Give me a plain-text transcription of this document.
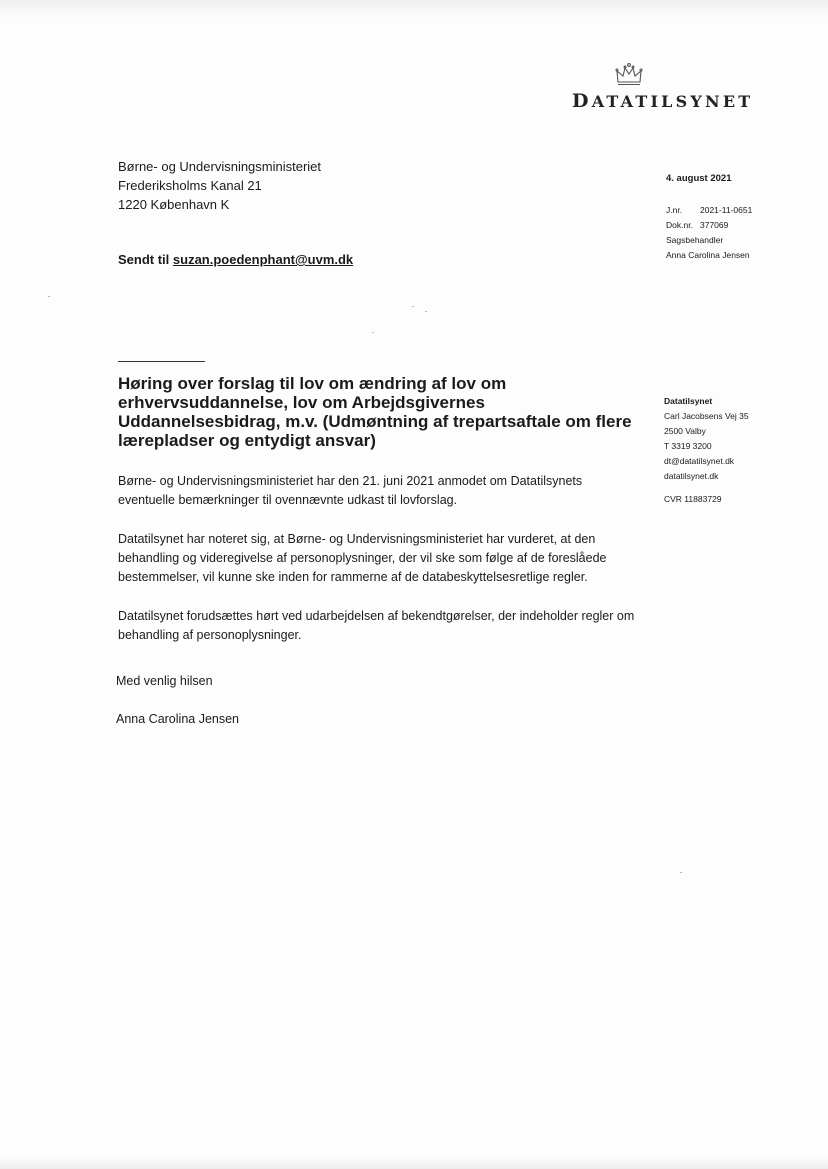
DATATILSYNET
Børne- og Undervisningsministeriet
Frederiksholms Kanal 21
1220 København K
Sendt til suzan.poedenphant@uvm.dk
4. august 2021
J.nr.	2021-11-0651
Dok.nr. 377069
Sagsbehandler
Anna Carolina Jensen
Høring over forslag til lov om ændring af lov om erhvervsuddannelse, lov om Arbejdsgivernes Uddannelsesbidrag, m.v. (Udmøntning af trepartsaftale om flere lærepladser og entydigt ansvar)
Datatilsynet
Carl Jacobsens Vej 35
2500 Valby
T 3319 3200
dt@datatilsynet.dk
datatilsynet.dk
CVR 11883729

Børne- og Undervisningsministeriet har den 21. juni 2021 anmodet om Datatilsynets eventuelle bemærkninger til ovennævnte udkast til lovforslag.

Datatilsynet har noteret sig, at Børne- og Undervisningsministeriet har vurderet, at den behandling og videregivelse af personoplysninger, der vil ske som følge af de foreslåede bestemmelser, vil kunne ske inden for rammerne af de databeskyttelsesretlige regler.

Datatilsynet forudsættes hørt ved udarbejdelsen af bekendtgørelser, der indeholder regler om behandling af personoplysninger.

Med venlig hilsen
Anna Carolina Jensen
